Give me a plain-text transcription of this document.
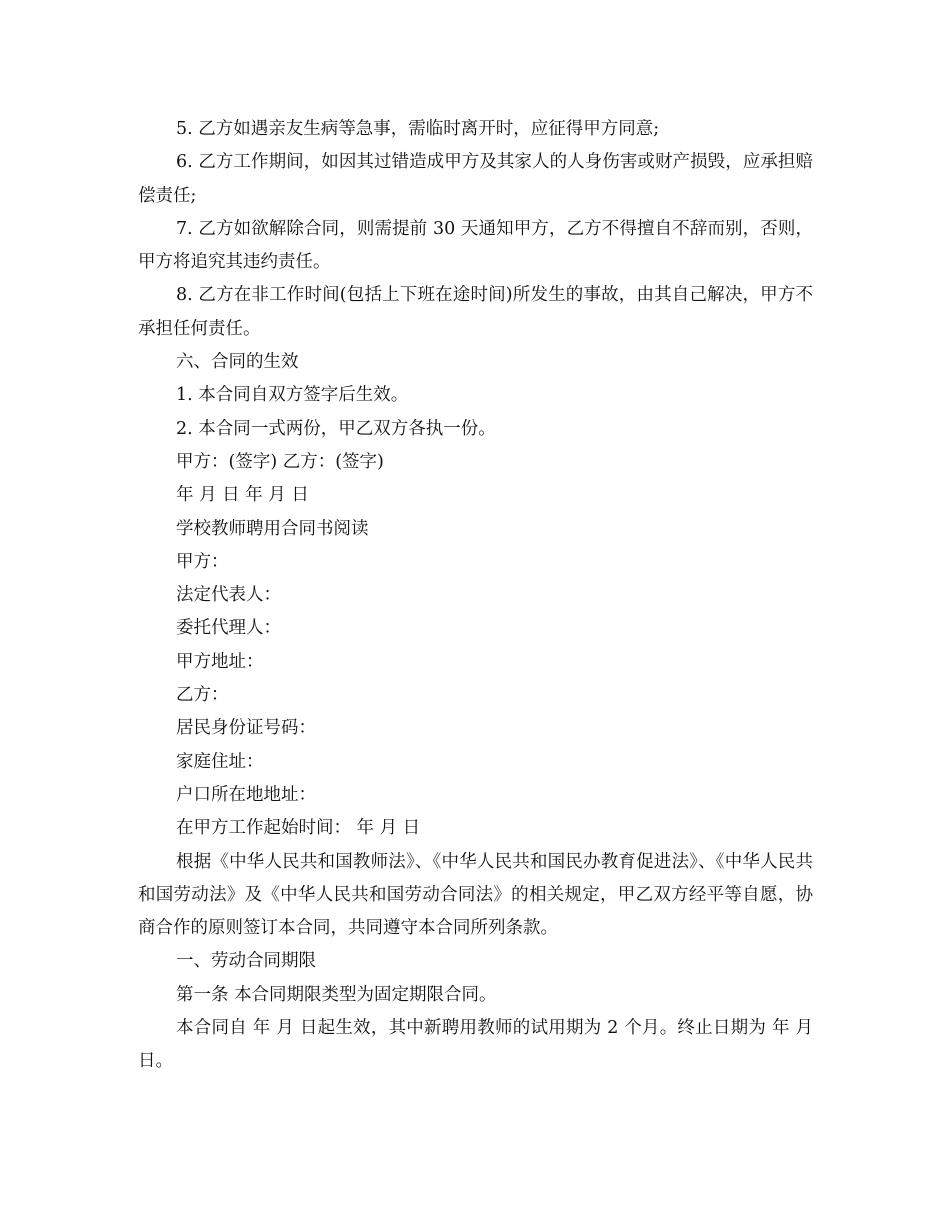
5. 乙方如遇亲友生病等急事，需临时离开时，应征得甲方同意;

6. 乙方工作期间，如因其过错造成甲方及其家人的人身伤害或财产损毁，应承担赔偿责任;

7. 乙方如欲解除合同，则需提前 30 天通知甲方，乙方不得擅自不辞而别，否则，甲方将追究其违约责任。

8. 乙方在非工作时间(包括上下班在途时间)所发生的事故，由其自己解决，甲方不承担任何责任。

六、合同的生效

1. 本合同自双方签字后生效。

2. 本合同一式两份，甲乙双方各执一份。

甲方：(签字) 乙方：(签字)

年 月 日 年 月 日

学校教师聘用合同书阅读

甲方：

法定代表人：

委托代理人：

甲方地址：

乙方：

居民身份证号码：

家庭住址：

户口所在地地址：

在甲方工作起始时间： 年 月 日

根据《中华人民共和国教师法》、《中华人民共和国民办教育促进法》、《中华人民共和国劳动法》及《中华人民共和国劳动合同法》的相关规定，甲乙双方经平等自愿，协商合作的原则签订本合同，共同遵守本合同所列条款。

一、劳动合同期限

第一条 本合同期限类型为固定期限合同。

本合同自 年 月 日起生效，其中新聘用教师的试用期为 2 个月。终止日期为 年 月 日。
